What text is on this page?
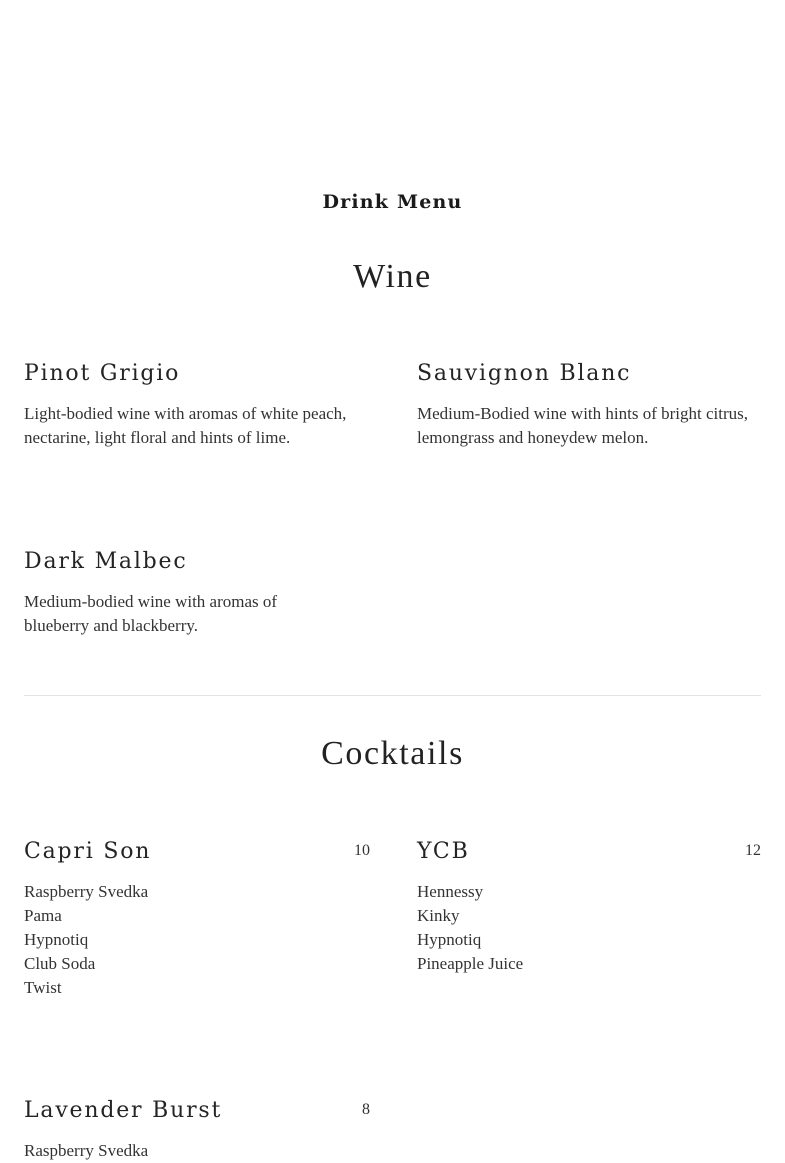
Drink Menu
Wine
Pinot Grigio

Light-bodied wine with aromas of white peach, nectarine, light floral and hints of lime.

Sauvignon Blanc

Medium-Bodied wine with hints of bright citrus, lemongrass and honeydew melon.

Dark Malbec

Medium-bodied wine with aromas of blueberry and blackberry.

Cocktails
Capri Son	10
Raspberry Svedka
Pama
Hypnotiq
Club Soda
Twist
YCB	12
Hennessy
Kinky
Hypnotiq
Pineapple Juice
Lavender Burst	8
Raspberry Svedka
